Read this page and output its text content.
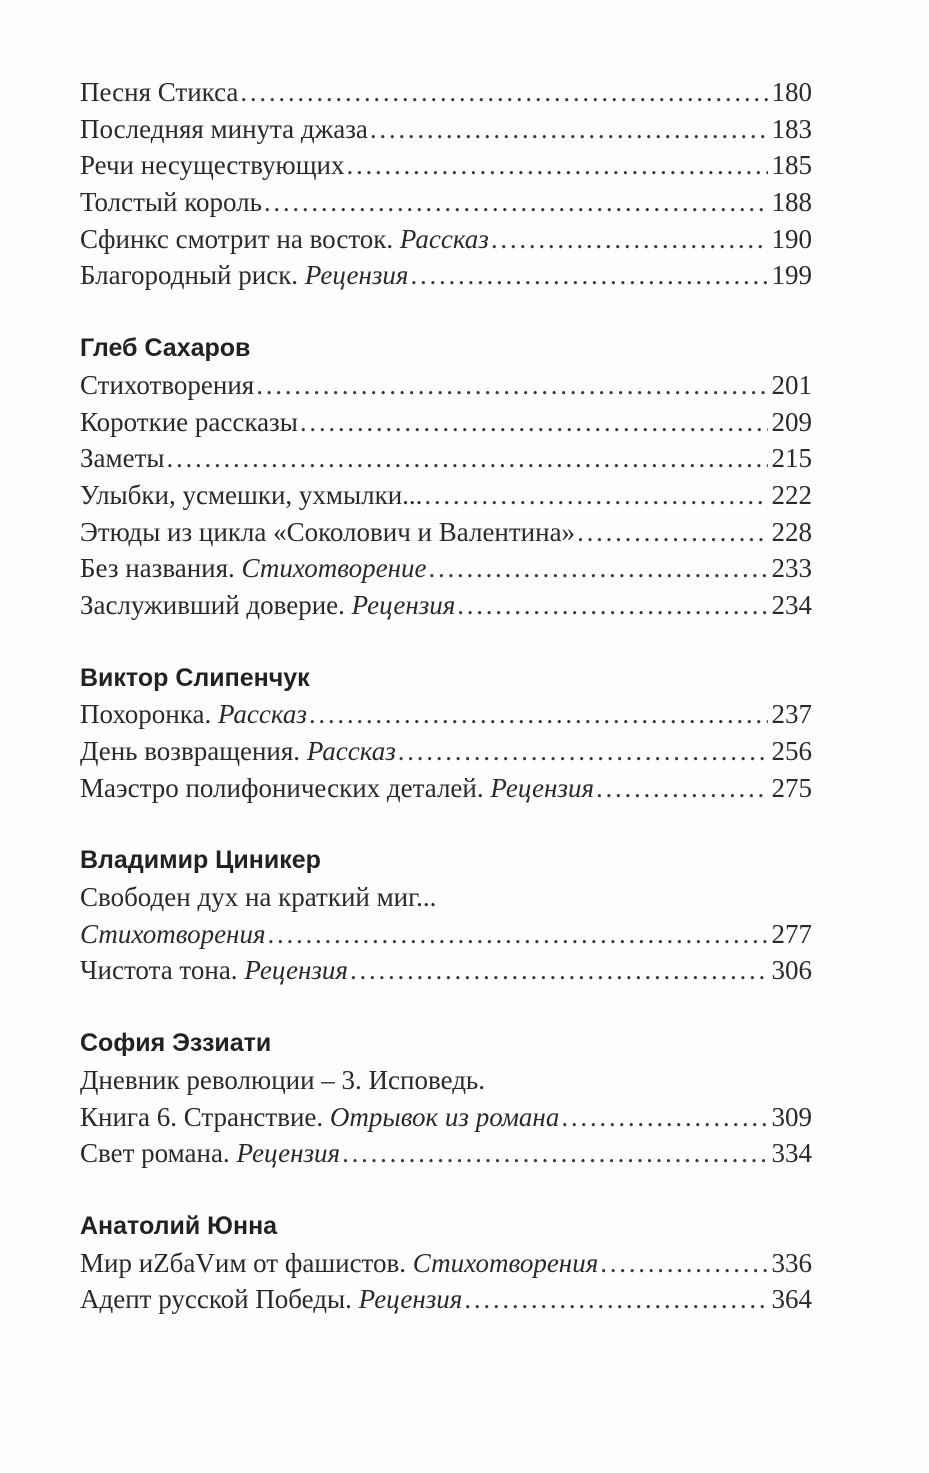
Песня Стикса . . .	180
Последняя минута джаза . . .	183
Речи несуществующих . . .	185
Толстый король . . .	188
Сфинкс смотрит на восток. Рассказ . . .	190
Благородный риск. Рецензия . . .	199
Глеб Сахаров
Стихотворения . . .	201
Короткие рассказы . . .	209
Заметы . . .	215
Улыбки, усмешки, ухмылки... . . .	222
Этюды из цикла «Соколович и Валентина» . . .	228
Без названия. Стихотворение . . .	233
Заслуживший доверие. Рецензия . . .	234
Виктор Слипенчук
Похоронка. Рассказ . . .	237
День возвращения. Рассказ . . .	256
Маэстро полифонических деталей. Рецензия . . .	275
Владимир Циникер
Свободен дух на краткий миг...
Стихотворения . . .	277
Чистота тона. Рецензия . . .	306
София Эззиати
Дневник революции – 3. Исповедь.
Книга 6. Странствие. Отрывок из романа . . .	309
Свет романа. Рецензия . . .	334
Анатолий Юнна
Мир иZбаVим от фашистов. Стихотворения . . .	336
Адепт русской Победы. Рецензия . . .	364
